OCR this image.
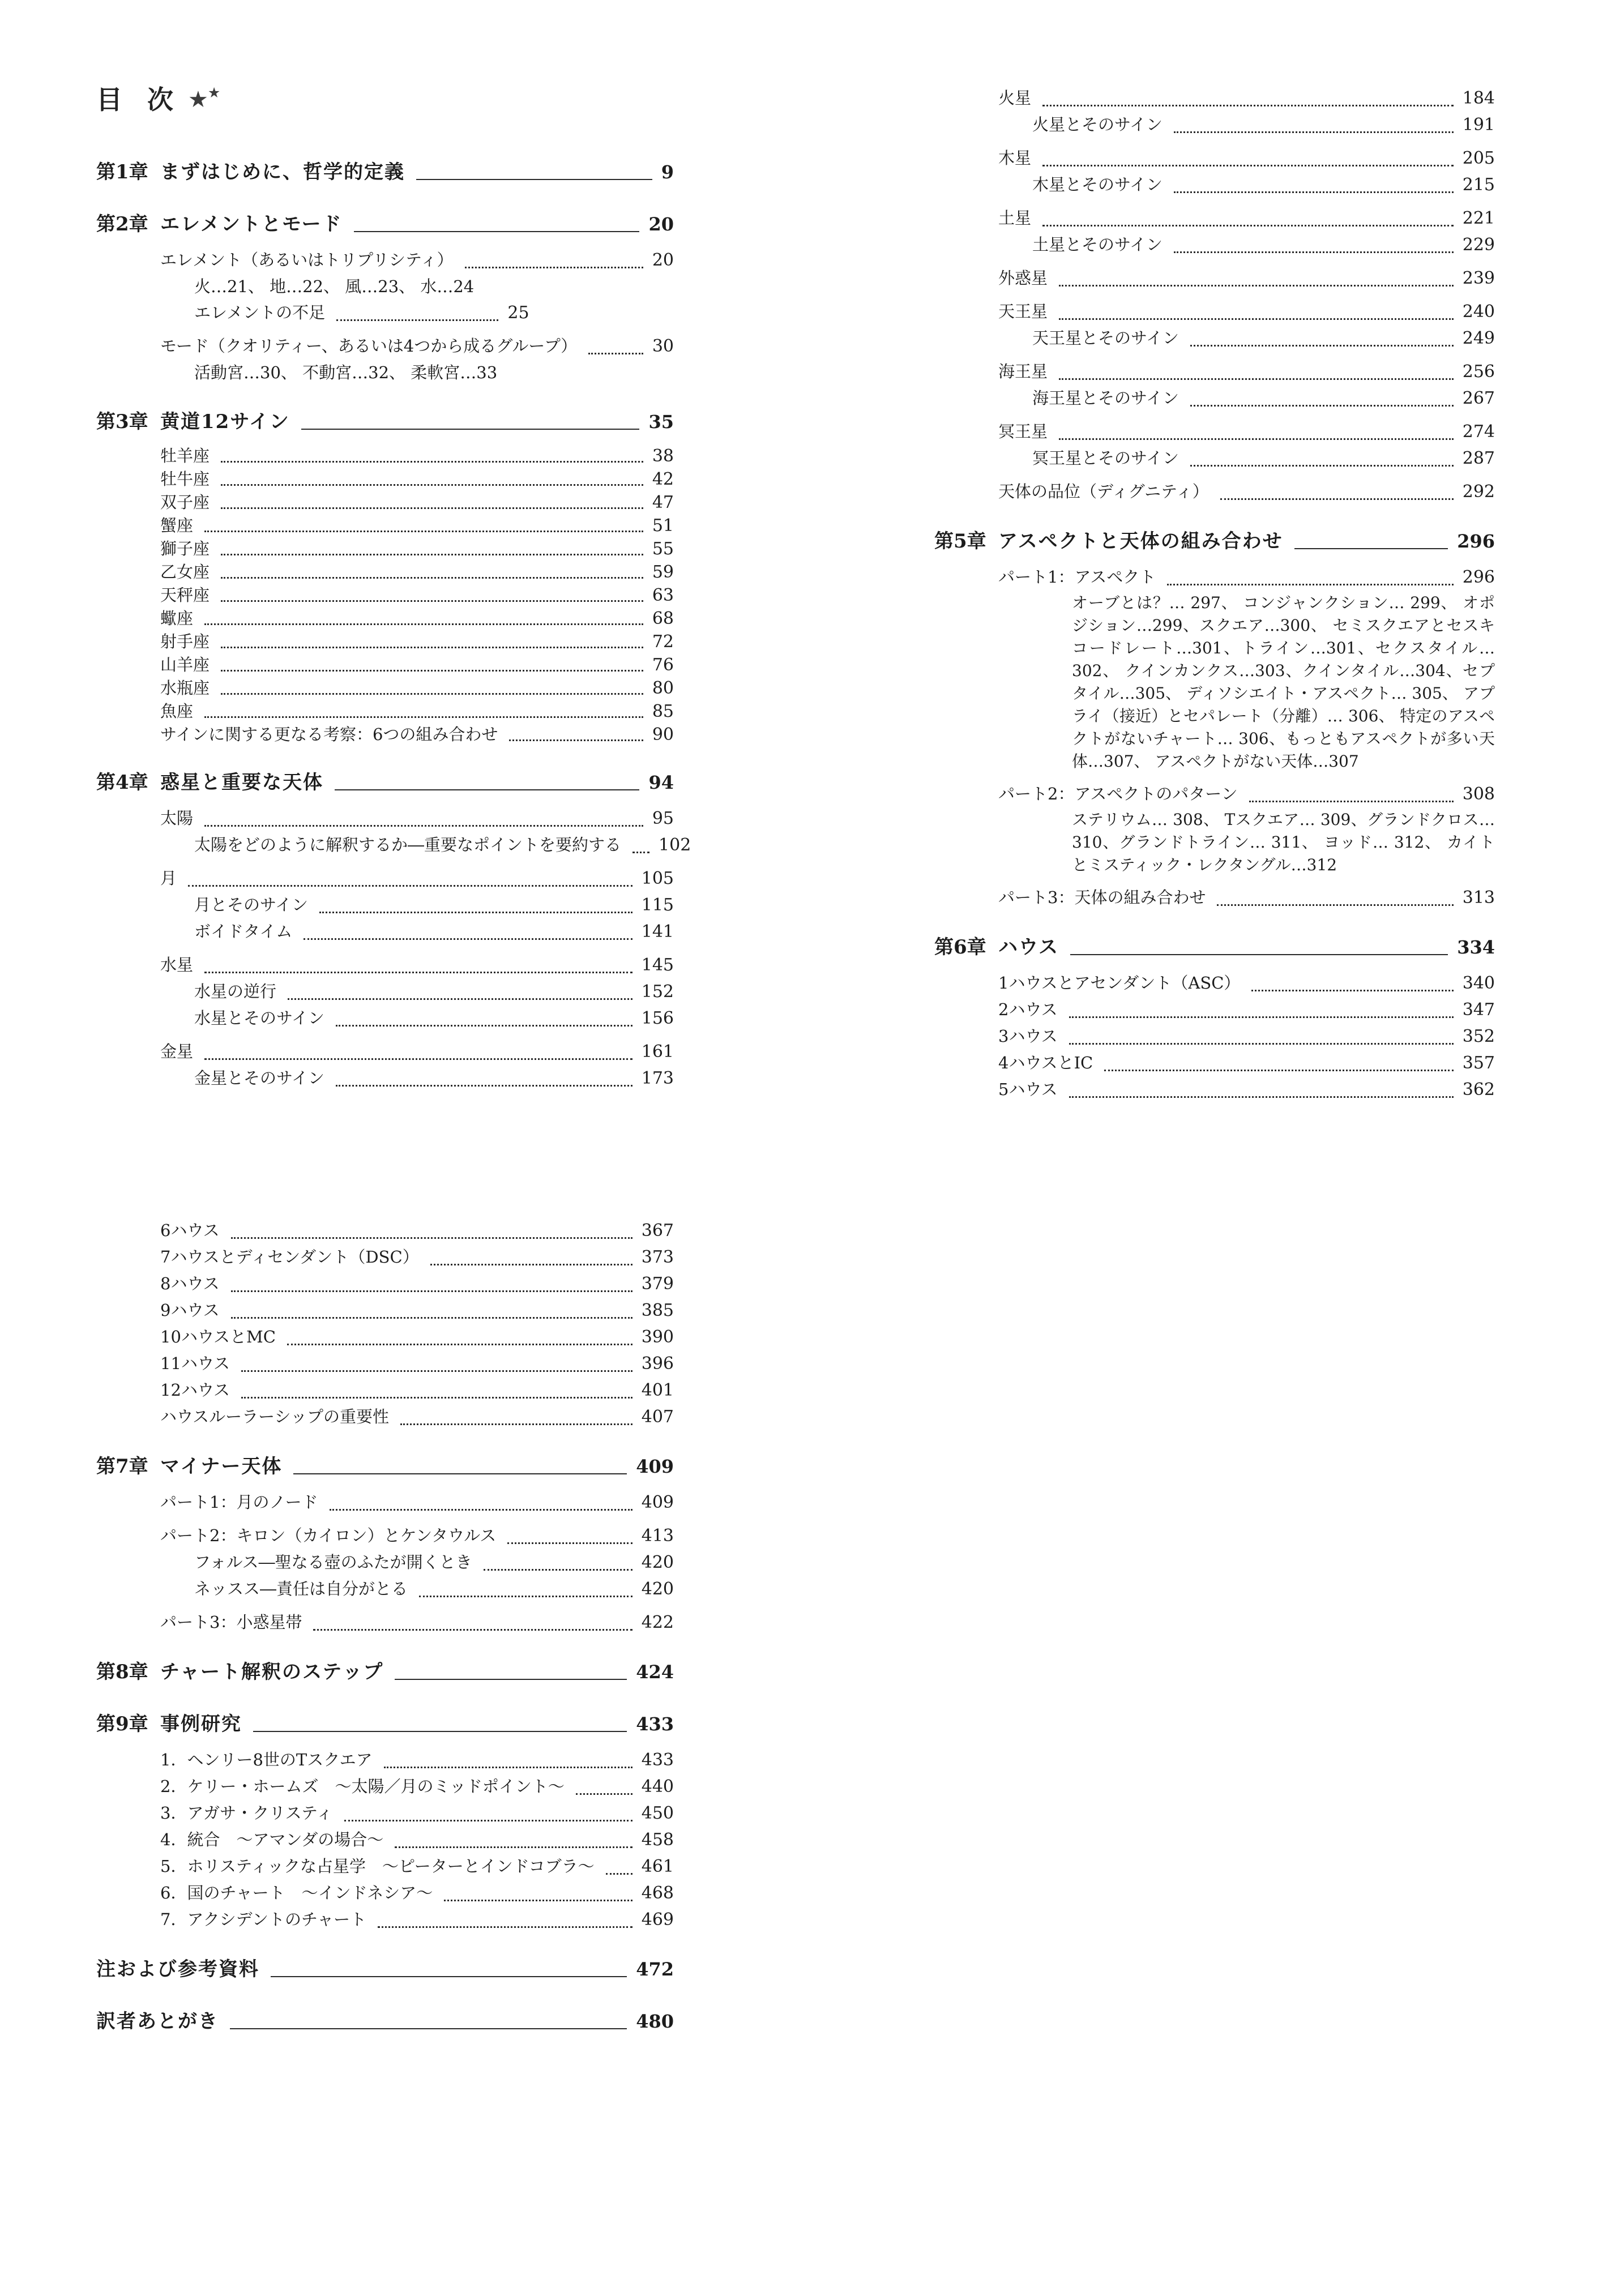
目 次 ★ ★
第1章 まずはじめに、哲学的定義	9
第2章 エレメントとモード	20
エレメント（あるいはトリプリシティ）	20
火…21、 地…22、 風…23、 水…24
エレメントの不足	25
モード（クオリティー、あるいは4つから成るグループ）	30
活動宮…30、 不動宮…32、 柔軟宮…33
第3章 黄道12サイン	35
牡羊座	38
牡牛座	42
双子座	47
蟹座	51
獅子座	55
乙女座	59
天秤座	63
蠍座	68
射手座	72
山羊座	76
水瓶座	80
魚座	85
サインに関する更なる考察：6つの組み合わせ	90
第4章 惑星と重要な天体	94
太陽	95
太陽をどのように解釈するか―重要なポイントを要約する 102
月	105
月とそのサイン	115
ボイドタイム	141
水星	145
水星の逆行	152
水星とそのサイン	156
金星	161
金星とそのサイン	173
火星	184
火星とそのサイン	191
木星	205
木星とそのサイン	215
土星	221
土星とそのサイン	229
外惑星	239
天王星	240
天王星とそのサイン	249
海王星	256
海王星とそのサイン	267
冥王星	274
冥王星とそのサイン	287
天体の品位（ディグニティ）	292
第5章 アスペクトと天体の組み合わせ	296
パート1：アスペクト	296
オーブとは？… 297、 コンジャンクション… 299、 オポジション…299、スクエア…300、 セミスクエアとセスキコードレート…301、トライン…301、セクスタイル…302、 クインカンクス…303、クインタイル…304、セプタイル…305、 ディソシエイト・アスペクト… 305、 アプライ（接近）とセパレート（分離）… 306、 特定のアスペクトがないチャート… 306、もっともアスペクトが多い天体…307、 アスペクトがない天体…307
パート2：アスペクトのパターン	308
ステリウム… 308、 Tスクエア… 309、グランドクロス… 310、グランドトライン… 311、 ヨッド… 312、 カイトとミスティック・レクタングル…312
パート3：天体の組み合わせ	313
第6章 ハウス	334
1ハウスとアセンダント（ASC）	340
2ハウス	347
3ハウス	352
4ハウスとIC	357
5ハウス	362
6ハウス	367
7ハウスとディセンダント（DSC）	373
8ハウス	379
9ハウス	385
10ハウスとMC	390
11ハウス	396
12ハウス	401
ハウスルーラーシップの重要性	407
第7章 マイナー天体	409
パート1：月のノード	409
パート2：キロン（カイロン）とケンタウルス	413
フォルス―聖なる壺のふたが開くとき	420
ネッスス―責任は自分がとる	420
パート3：小惑星帯	422
第8章 チャート解釈のステップ	424
第9章 事例研究	433
1．ヘンリー8世のTスクエア	433
2．ケリー・ホームズ　～太陽／月のミッドポイント～	440
3．アガサ・クリスティ	450
4．統合　～アマンダの場合～	458
5．ホリスティックな占星学　～ピーターとインドコブラ～	461
6．国のチャート　～インドネシア～	468
7．アクシデントのチャート	469
注および参考資料	472
訳者あとがき	480
